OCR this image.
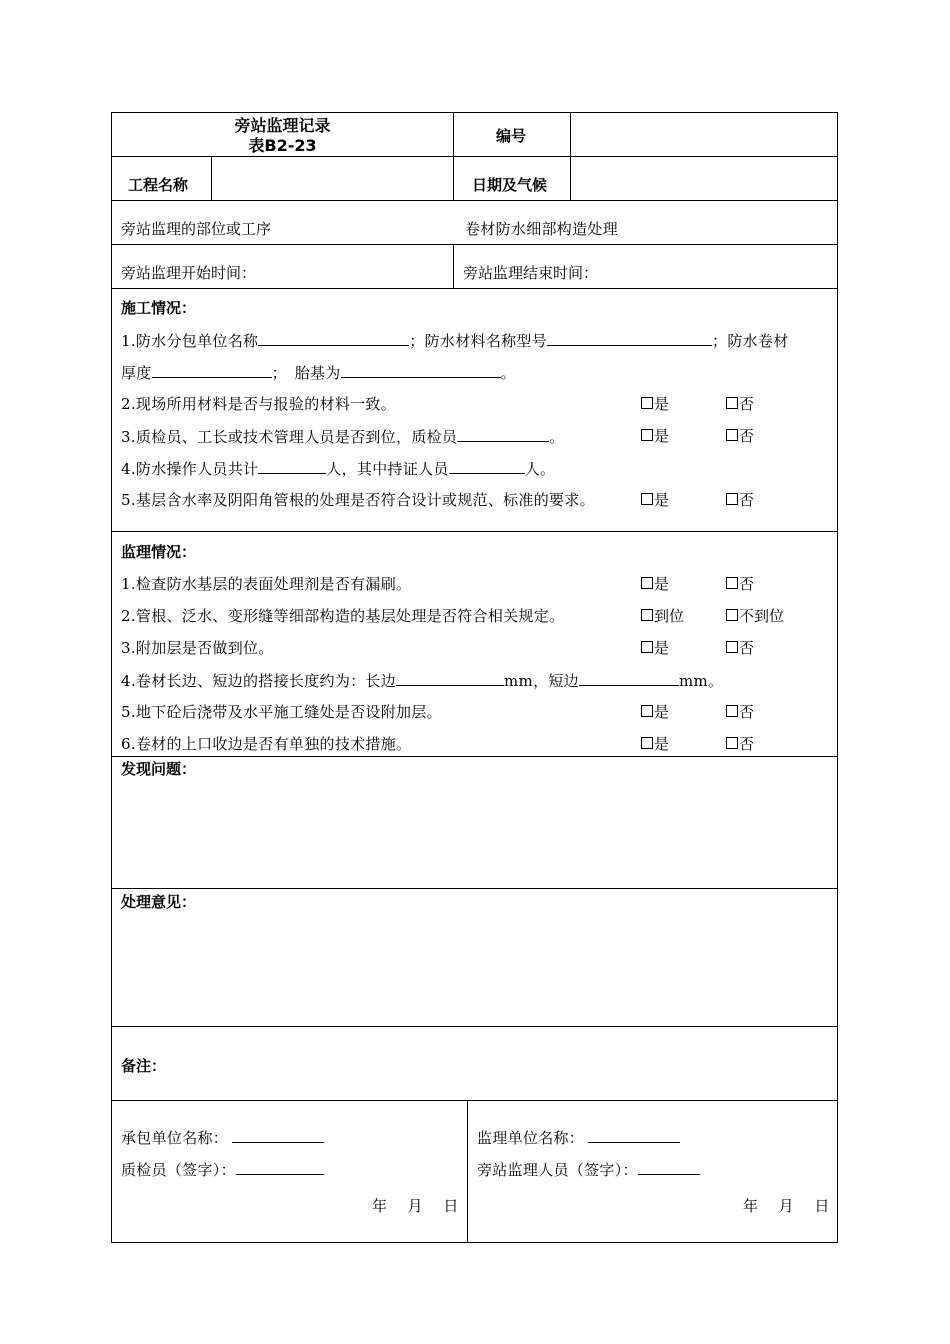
旁站监理记录
表B2-23	编号
工程名称	日期及气候
旁站监理的部位或工序	卷材防水细部构造处理
旁站监理开始时间：	旁站监理结束时间：
施工情况：
1.防水分包单位名称	；防水材料名称型号	；防水卷材
厚度	；　胎基为	。
2.现场所用材料是否与报验的材料一致。	是	否
3.质检员、工长或技术管理人员是否到位，质检员	。	是	否
4.防水操作人员共计	人，其中持证人员	人。
5.基层含水率及阴阳角管根的处理是否符合设计或规范、标准的要求。	是	否
监理情况：
1.检查防水基层的表面处理剂是否有漏刷。	是	否
2.管根、泛水、变形缝等细部构造的基层处理是否符合相关规定。	到位	不到位
3.附加层是否做到位。	是	否
4.卷材长边、短边的搭接长度约为：长边	mm，短边	mm。
5.地下砼后浇带及水平施工缝处是否设附加层。	是	否
6.卷材的上口收边是否有单独的技术措施。	是	否
发现问题：
处理意见：
备注：
承包单位名称：
质检员（签字）：
年　 月　 日
监理单位名称：
旁站监理人员（签字）：
年　 月　 日
